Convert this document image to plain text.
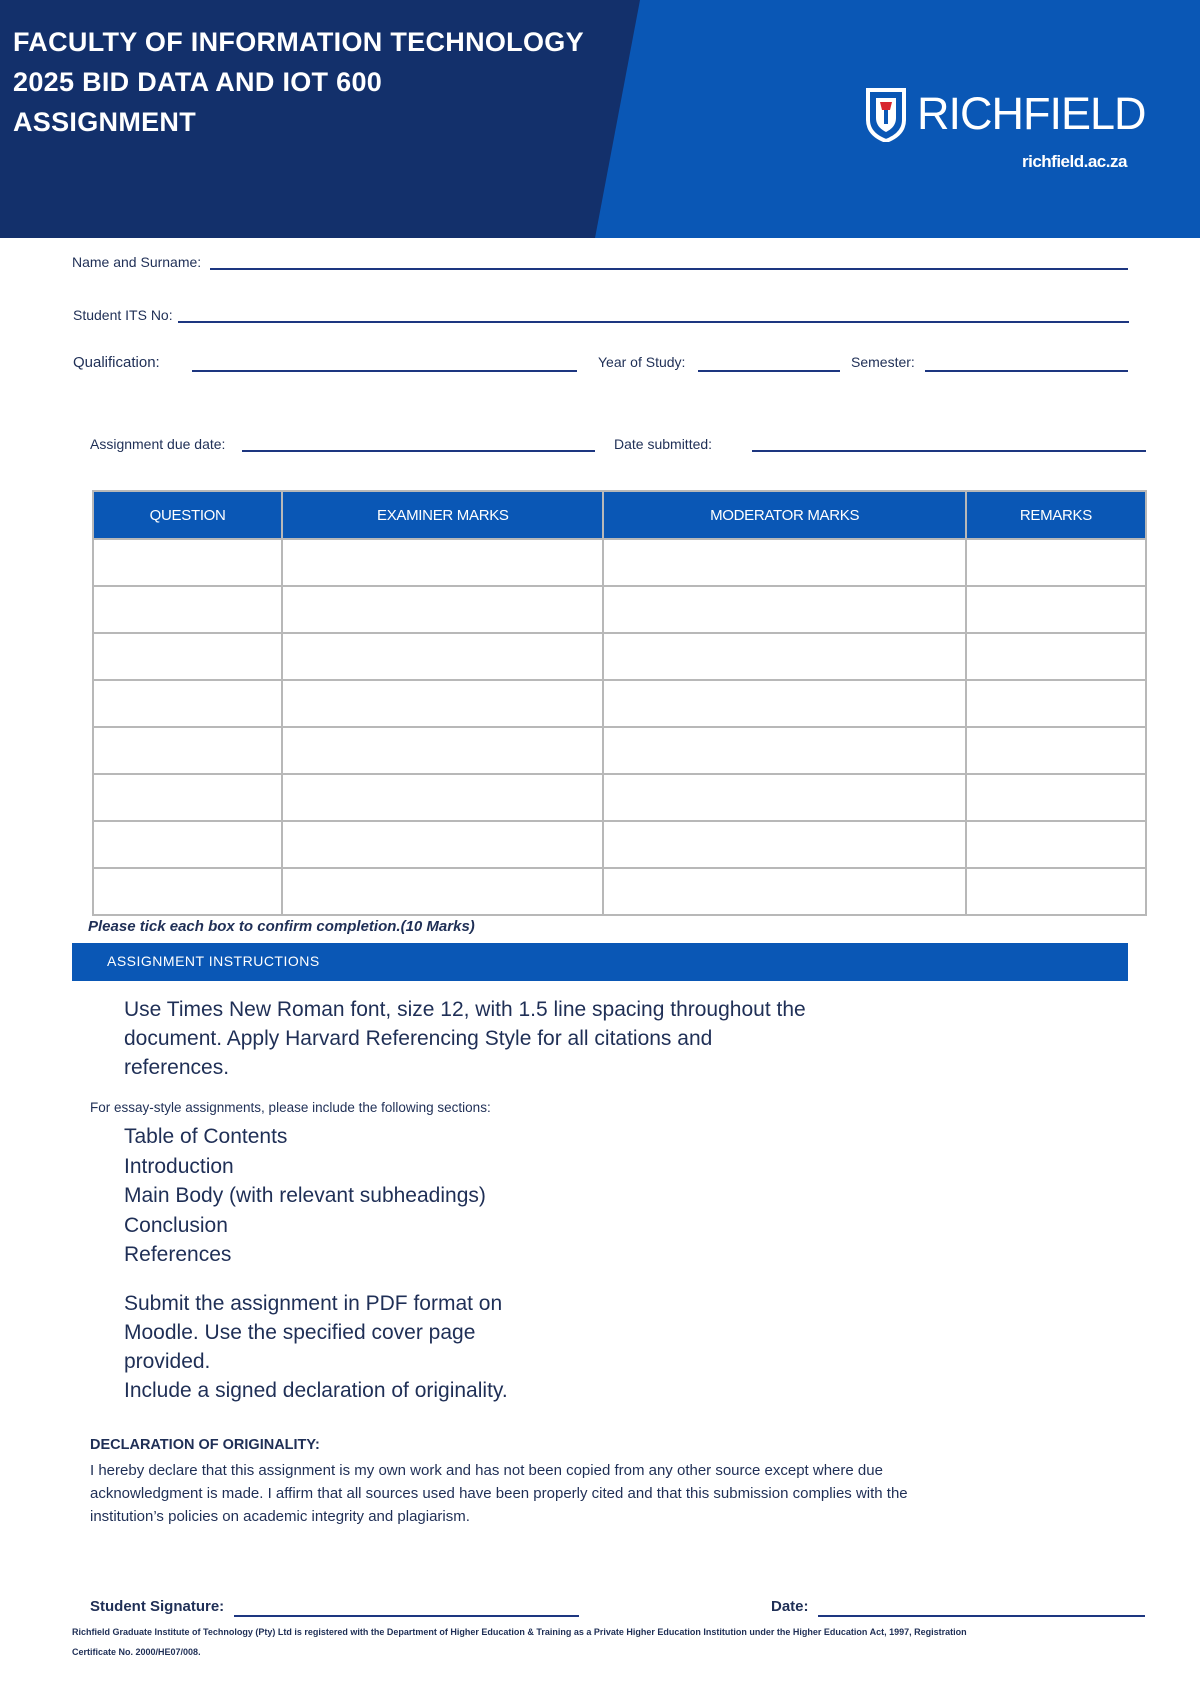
FACULTY OF INFORMATION TECHNOLOGY
2025 BID DATA AND IOT 600
ASSIGNMENT	RICHFIELD
richfield.ac.za
Name and Surname:
Student ITS No:
Qualification:	Year of Study:	Semester:
Assignment due date:	Date submitted:
QUESTION	EXAMINER MARKS	MODERATOR MARKS	REMARKS

Please tick each box to confirm completion.(10 Marks)
ASSIGNMENT INSTRUCTIONS
Use Times New Roman font, size 12, with 1.5 line spacing throughout the
document. Apply Harvard Referencing Style for all citations and
references.
For essay-style assignments, please include the following sections:
Table of Contents
Introduction
Main Body (with relevant subheadings)
Conclusion
References
Submit the assignment in PDF format on
Moodle. Use the specified cover page
provided.
Include a signed declaration of originality.
DECLARATION OF ORIGINALITY:
I hereby declare that this assignment is my own work and has not been copied from any other source except where due
acknowledgment is made. I affirm that all sources used have been properly cited and that this submission complies with the
institution’s policies on academic integrity and plagiarism.
Student Signature:	Date:
Richfield Graduate Institute of Technology (Pty) Ltd is registered with the Department of Higher Education & Training as a Private Higher Education Institution under the Higher Education Act, 1997, Registration
Certificate No. 2000/HE07/008.
